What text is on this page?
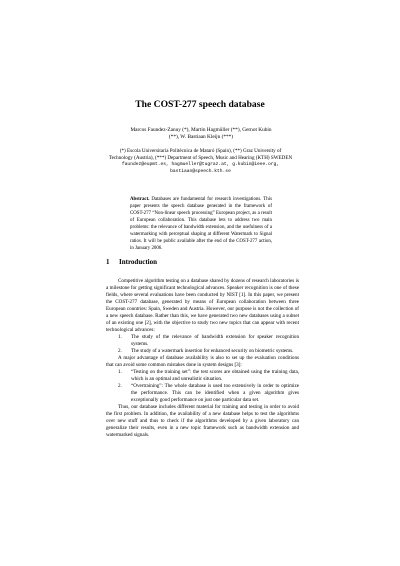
The COST-277 speech database
Marcos Faundez-Zanuy (*), Martin Hagmüller (**), Gernot Kubin (**), W. Bastiaan Kleijn (***)
(*) Escola Universitaria Politècnica de Mataró (Spain), (**) Graz University of Technology (Austria), (***) Department of Speech, Music and Hearing (KTH) SWEDEN
faundez@eupmt.es, hagmueller@tugraz.at, g.kubin@ieee.org, bastiaan@speech.kth.se
Abstract. Databases are fundamental for research investigations. This paper presents the speech database generated in the framework of COST-277 “Non-linear speech processing” European project, as a result of European collaboration. This database lets to address two main problems: the relevance of bandwidth extension, and the usefulness of a watermarking with perceptual shaping at different Watermark to Signal ratios. It will be public available after the end of the COST-277 action, in January 2006.
1 Introduction

Competitive algorithm testing on a database shared by dozens of research laboratories is a milestone for getting significant technological advances. Speaker recognition is one of these fields, where several evaluations have been conducted by NIST [1]. In this paper, we present the COST-277 database, generated by means of European collaboration between three European countries: Spain, Sweden and Austria. However, our purpose is not the collection of a new speech database. Rather than this, we have generated two new databases using a subset of an existing one [2], with the objective to study two new topics that can appear with recent technological advances:

1. The study of the relevance of bandwidth extension for speaker recognition systems.
2. The study of a watermark insertion for enhanced security on biometric systems.

A major advantage of database availability is also to set up the evaluation conditions that can avoid some common mistakes done in system designs [3]:

1. “Testing on the training set”: the test scores are obtained using the training data, which is an optimal and unrealistic situation.
2. “Overtraining”: The whole database is used too extensively in order to optimize the performance. This can be identified when a given algorithm gives exceptionally good performance on just one particular data set.

Thus, our database includes different material for training and testing in order to avoid the first problem. In addition, the availability of a new database helps to test the algorithms over new stuff and thus to check if the algorithms developed by a given laboratory can generalize their results, even in a new topic framework such as bandwidth extension and watermarked signals.
